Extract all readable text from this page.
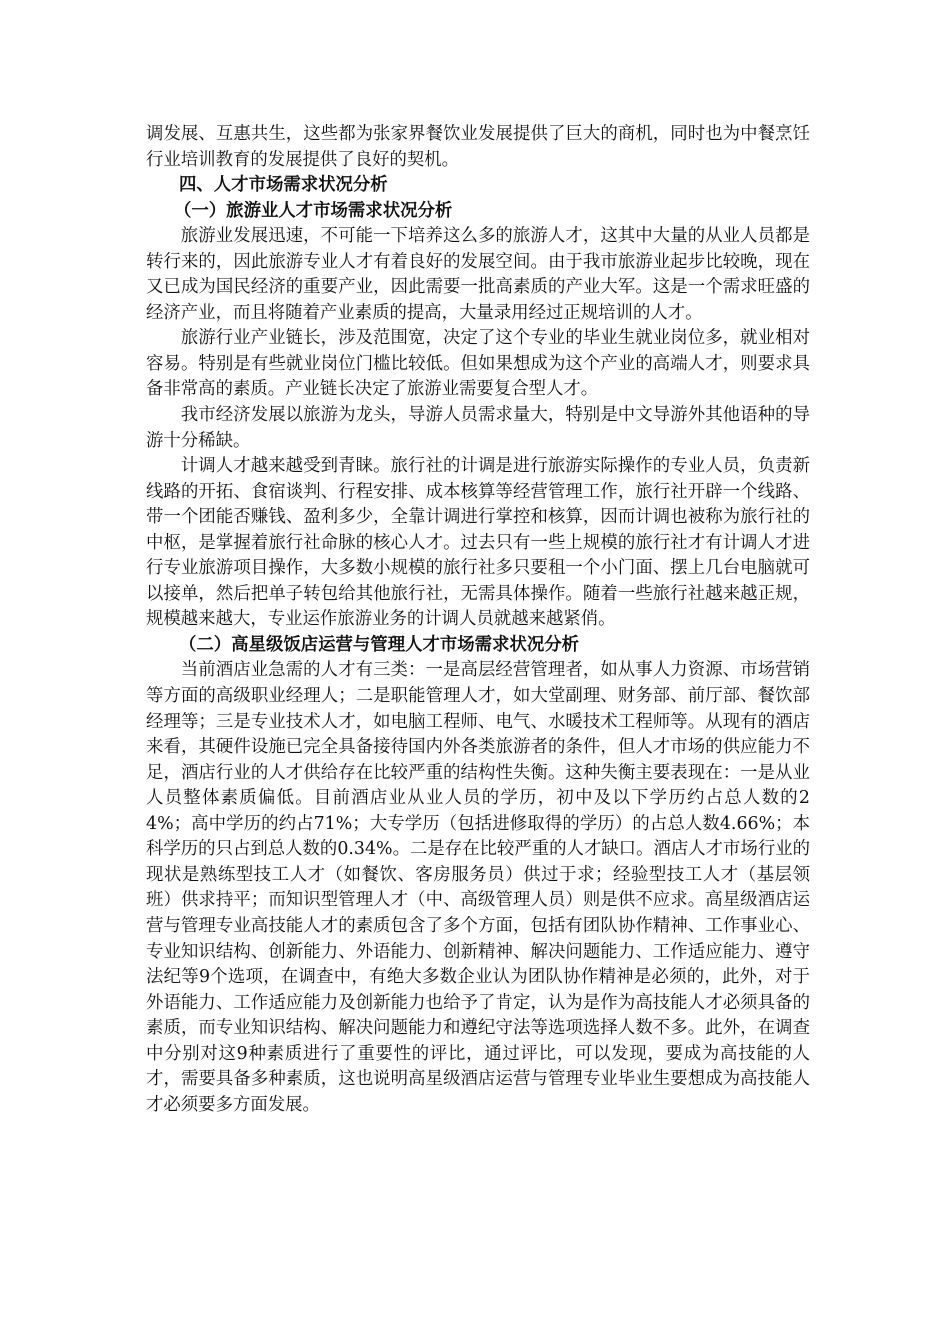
调发展、互惠共生，这些都为张家界餐饮业发展提供了巨大的商机，同时也为中餐烹饪行业培训教育的发展提供了良好的契机。

四、人才市场需求状况分析
（一）旅游业人才市场需求状况分析

旅游业发展迅速，不可能一下培养这么多的旅游人才，这其中大量的从业人员都是转行来的，因此旅游专业人才有着良好的发展空间。由于我市旅游业起步比较晚，现在又已成为国民经济的重要产业，因此需要一批高素质的产业大军。这是一个需求旺盛的经济产业，而且将随着产业素质的提高，大量录用经过正规培训的人才。

旅游行业产业链长，涉及范围宽，决定了这个专业的毕业生就业岗位多，就业相对容易。特别是有些就业岗位门槛比较低。但如果想成为这个产业的高端人才，则要求具备非常高的素质。产业链长决定了旅游业需要复合型人才。

我市经济发展以旅游为龙头，导游人员需求量大，特别是中文导游外其他语种的导游十分稀缺。

计调人才越来越受到青睐。旅行社的计调是进行旅游实际操作的专业人员，负责新线路的开拓、食宿谈判、行程安排、成本核算等经营管理工作，旅行社开辟一个线路、带一个团能否赚钱、盈利多少，全靠计调进行掌控和核算，因而计调也被称为旅行社的中枢，是掌握着旅行社命脉的核心人才。过去只有一些上规模的旅行社才有计调人才进行专业旅游项目操作，大多数小规模的旅行社多只要租一个小门面、摆上几台电脑就可以接单，然后把单子转包给其他旅行社，无需具体操作。随着一些旅行社越来越正规，规模越来越大，专业运作旅游业务的计调人员就越来越紧俏。

（二）高星级饭店运营与管理人才市场需求状况分析

当前酒店业急需的人才有三类：一是高层经营管理者，如从事人力资源、市场营销等方面的高级职业经理人；二是职能管理人才，如大堂副理、财务部、前厅部、餐饮部经理等；三是专业技术人才，如电脑工程师、电气、水暖技术工程师等。从现有的酒店来看，其硬件设施已完全具备接待国内外各类旅游者的条件，但人才市场的供应能力不足，酒店行业的人才供给存在比较严重的结构性失衡。这种失衡主要表现在：一是从业人员整体素质偏低。目前酒店业从业人员的学历，初中及以下学历约占总人数的24%；高中学历的约占71%；大专学历（包括进修取得的学历）的占总人数4.66%；本科学历的只占到总人数的0.34%。二是存在比较严重的人才缺口。酒店人才市场行业的现状是熟练型技工人才（如餐饮、客房服务员）供过于求；经验型技工人才（基层领班）供求持平；而知识型管理人才（中、高级管理人员）则是供不应求。高星级酒店运营与管理专业高技能人才的素质包含了多个方面，包括有团队协作精神、工作事业心、专业知识结构、创新能力、外语能力、创新精神、解决问题能力、工作适应能力、遵守法纪等9个选项，在调查中，有绝大多数企业认为团队协作精神是必须的，此外，对于外语能力、工作适应能力及创新能力也给予了肯定，认为是作为高技能人才必须具备的素质，而专业知识结构、解决问题能力和遵纪守法等选项选择人数不多。此外，在调查中分别对这9种素质进行了重要性的评比，通过评比，可以发现，要成为高技能的人才，需要具备多种素质，这也说明高星级酒店运营与管理专业毕业生要想成为高技能人才必须要多方面发展。
